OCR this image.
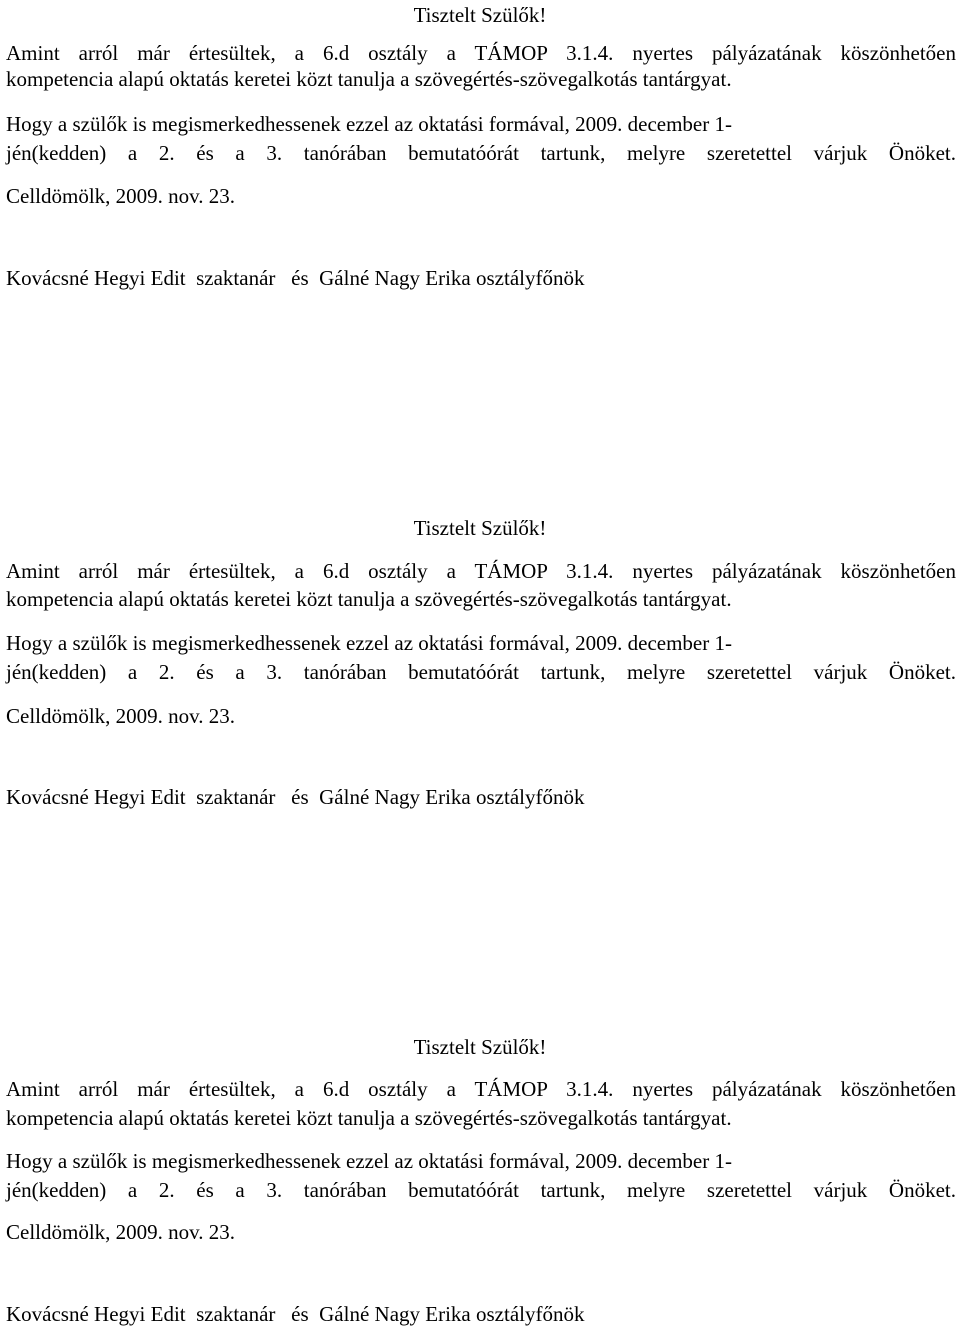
Tisztelt Szülők!
Amint arról már értesültek, a 6.d osztály a TÁMOP 3.1.4. nyertes pályázatának köszönhetően
kompetencia alapú oktatás keretei közt tanulja a szövegértés-szövegalkotás tantárgyat.
Hogy a szülők is megismerkedhessenek ezzel az oktatási formával, 2009. december 1-
jén(kedden) a 2. és a 3. tanórában bemutatóórát tartunk, melyre szeretettel várjuk Önöket.
Celldömölk, 2009. nov. 23.
Kovácsné Hegyi Edit  szaktanár   és  Gálné Nagy Erika osztályfőnök
Tisztelt Szülők!
Amint arról már értesültek, a 6.d osztály a TÁMOP 3.1.4. nyertes pályázatának köszönhetően
kompetencia alapú oktatás keretei közt tanulja a szövegértés-szövegalkotás tantárgyat.
Hogy a szülők is megismerkedhessenek ezzel az oktatási formával, 2009. december 1-
jén(kedden) a 2. és a 3. tanórában bemutatóórát tartunk, melyre szeretettel várjuk Önöket.
Celldömölk, 2009. nov. 23.
Kovácsné Hegyi Edit  szaktanár   és  Gálné Nagy Erika osztályfőnök
Tisztelt Szülők!
Amint arról már értesültek, a 6.d osztály a TÁMOP 3.1.4. nyertes pályázatának köszönhetően
kompetencia alapú oktatás keretei közt tanulja a szövegértés-szövegalkotás tantárgyat.
Hogy a szülők is megismerkedhessenek ezzel az oktatási formával, 2009. december 1-
jén(kedden) a 2. és a 3. tanórában bemutatóórát tartunk, melyre szeretettel várjuk Önöket.
Celldömölk, 2009. nov. 23.
Kovácsné Hegyi Edit  szaktanár   és  Gálné Nagy Erika osztályfőnök
